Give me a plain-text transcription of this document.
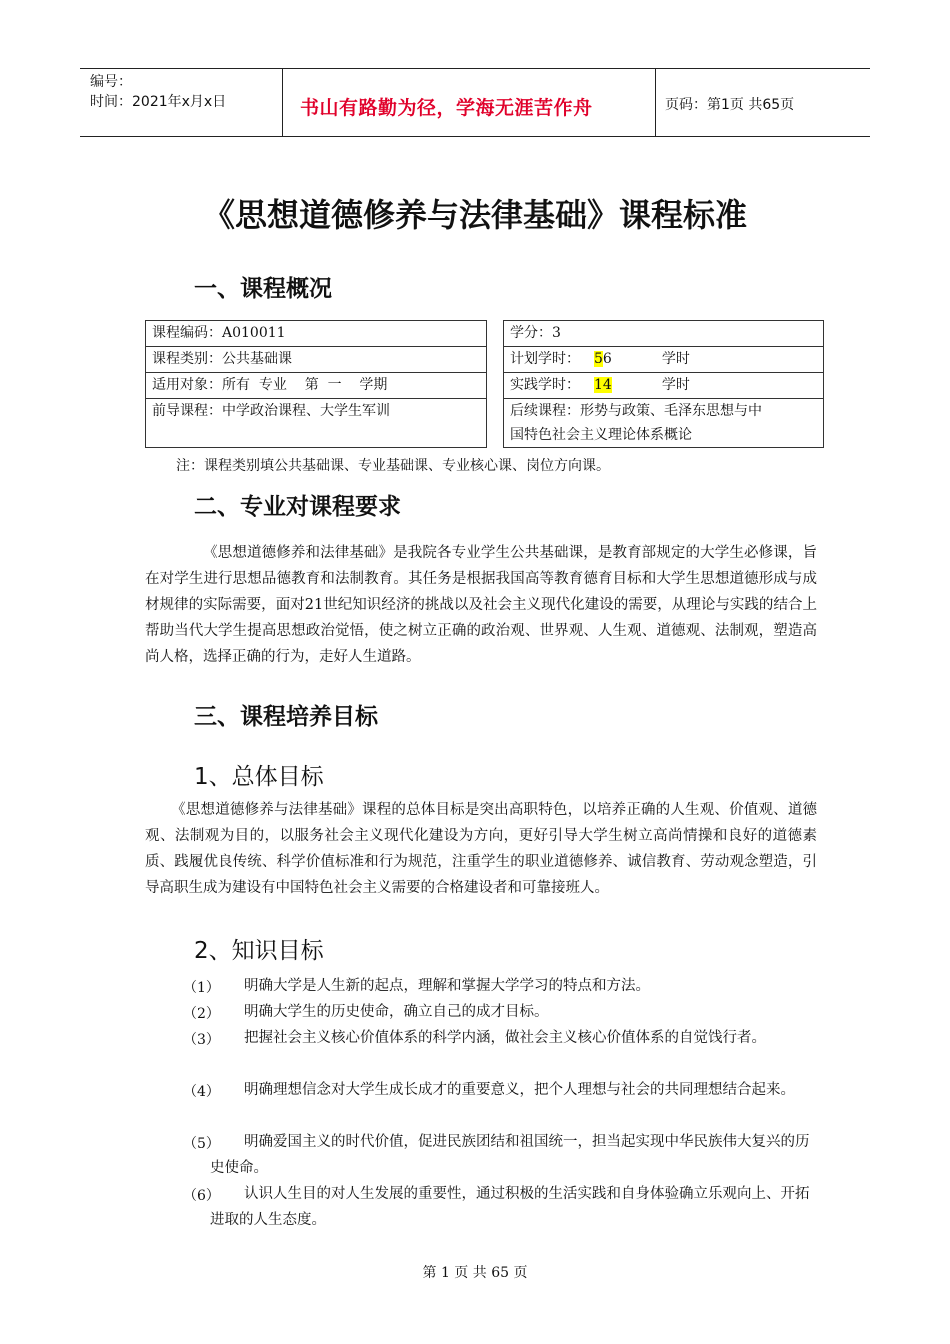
编号：
时间：2021年x月x日	书山有路勤为径，学海无涯苦作舟	页码：第1页 共65页
《思想道德修养与法律基础》课程标准
一、课程概况
课程编码：A010011
课程类别：公共基础课
适用对象：所有  专业    第  一    学期
前导课程：中学政治课程、大学生军训
学分：3
计划学时： 56	学时
实践学时： 14	学时
后续课程：形势与政策、毛泽东思想与中
国特色社会主义理论体系概论
注：课程类别填公共基础课、专业基础课、专业核心课、岗位方向课。
二、专业对课程要求
《思想道德修养和法律基础》是我院各专业学生公共基础课，是教育部规定的大学生必修课，旨在对学生进行思想品德教育和法制教育。其任务是根据我国高等教育德育目标和大学生思想道德形成与成材规律的实际需要，面对21世纪知识经济的挑战以及社会主义现代化建设的需要，从理论与实践的结合上帮助当代大学生提高思想政治觉悟，使之树立正确的政治观、世界观、人生观、道德观、法制观，塑造高尚人格，选择正确的行为，走好人生道路。
三、课程培养目标
1、总体目标
《思想道德修养与法律基础》课程的总体目标是突出高职特色，以培养正确的人生观、价值观、道德观、法制观为目的，以服务社会主义现代化建设为方向，更好引导大学生树立高尚情操和良好的道德素质、践履优良传统、科学价值标准和行为规范，注重学生的职业道德修养、诚信教育、劳动观念塑造，引导高职生成为建设有中国特色社会主义需要的合格建设者和可靠接班人。
2、知识目标
（1）	明确大学是人生新的起点，理解和掌握大学学习的特点和方法。
（2）	明确大学生的历史使命，确立自己的成才目标。
（3）	把握社会主义核心价值体系的科学内涵，做社会主义核心价值体系的自觉饯行者。
（4）	明确理想信念对大学生成长成才的重要意义，把个人理想与社会的共同理想结合起来。
（5）	明确爱国主义的时代价值，促进民族团结和祖国统一，担当起实现中华民族伟大复兴的历史使命。
（6）	认识人生目的对人生发展的重要性，通过积极的生活实践和自身体验确立乐观向上、开拓进取的人生态度。
第 1 页 共 65 页
